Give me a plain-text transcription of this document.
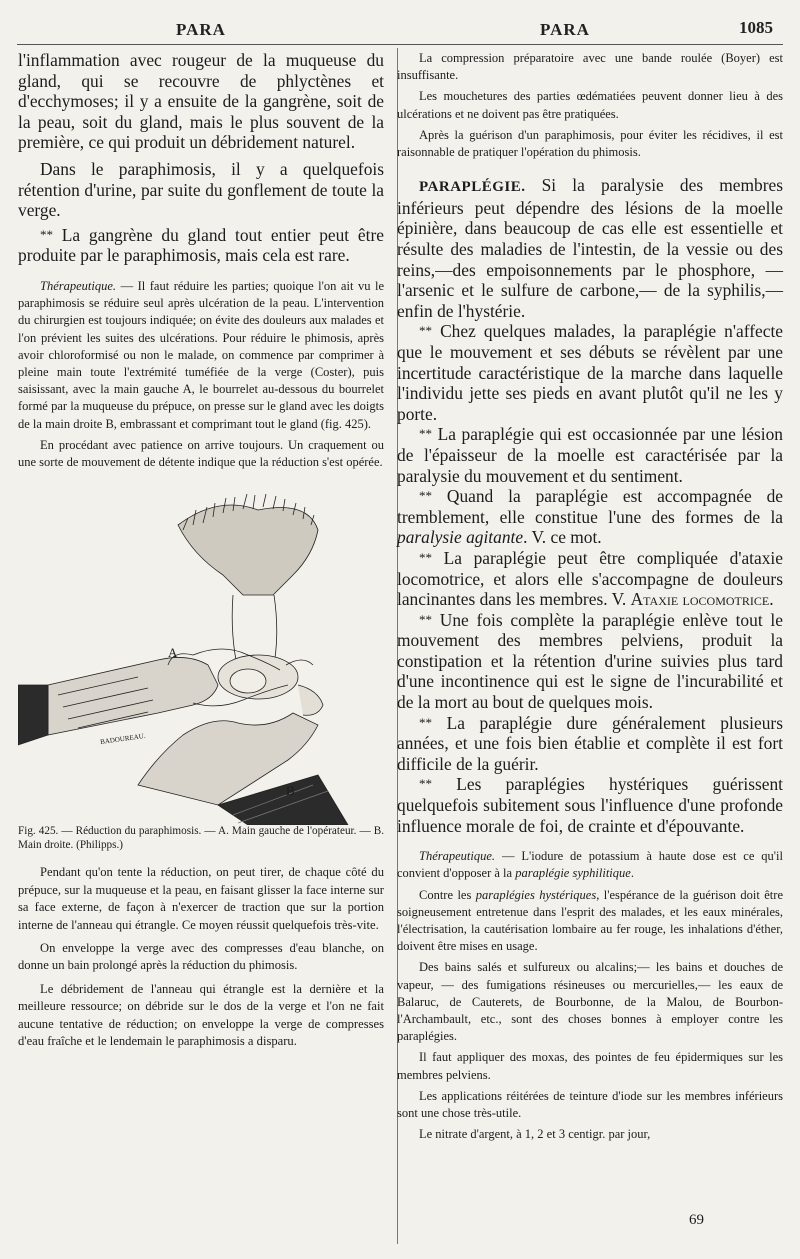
PARA	PARA	1085

l'inflammation avec rougeur de la muqueuse du gland, qui se recouvre de phlyctènes et d'ecchymoses; il y a ensuite de la gangrène, soit de la peau, soit du gland, mais le plus souvent de la première, ce qui produit un débridement naturel.

Dans le paraphimosis, il y a quelquefois rétention d'urine, par suite du gonflement de toute la verge.

** La gangrène du gland tout entier peut être produite par le paraphimosis, mais cela est rare.

Thérapeutique. — Il faut réduire les parties; quoique l'on ait vu le paraphimosis se réduire seul après ulcération de la peau. L'intervention du chirurgien est toujours indiquée; on évite des douleurs aux malades et l'on prévient les suites des ulcérations. Pour réduire le phimosis, après avoir chloroformisé ou non le malade, on commence par comprimer à pleine main toute l'extrémité tuméfiée de la verge (Coster), puis saisissant, avec la main gauche A, le bourrelet au-dessous du bourrelet formé par la muqueuse du prépuce, on presse sur le gland avec les doigts de la main droite B, embrassant et comprimant tout le gland (fig. 425).

En procédant avec patience on arrive toujours. Un craquement ou une sorte de mouvement de détente indique que la réduction s'est opérée.

A
B
BADOUREAU.

Fig. 425. — Réduction du paraphimosis. — A. Main gauche de l'opérateur. — B. Main droite. (Philipps.)

Pendant qu'on tente la réduction, on peut tirer, de chaque côté du prépuce, sur la muqueuse et la peau, en faisant glisser la face interne sur sa face externe, de façon à n'exercer de traction que sur la portion interne de l'anneau qui étrangle. Ce moyen réussit quelquefois très-vite.

On enveloppe la verge avec des compresses d'eau blanche, on donne un bain prolongé après la réduction du phimosis.

Le débridement de l'anneau qui étrangle est la dernière et la meilleure ressource; on débride sur le dos de la verge et l'on ne fait aucune tentative de réduction; on enveloppe la verge de compresses d'eau fraîche et le lendemain le paraphimosis a disparu.

La compression préparatoire avec une bande roulée (Boyer) est insuffisante.

Les mouchetures des parties œdématiées peuvent donner lieu à des ulcérations et ne doivent pas être pratiquées.

Après la guérison d'un paraphimosis, pour éviter les récidives, il est raisonnable de pratiquer l'opération du phimosis.

PARAPLÉGIE. Si la paralysie des membres inférieurs peut dépendre des lésions de la moelle épinière, dans beaucoup de cas elle est essentielle et résulte des maladies de l'intestin, de la vessie ou des reins,—des empoisonnements par le phosphore, — l'arsenic et le sulfure de carbone,— de la syphilis,— enfin de l'hystérie.

** Chez quelques malades, la paraplégie n'affecte que le mouvement et ses débuts se révèlent par une incertitude caractéristique de la marche dans laquelle l'individu jette ses pieds en avant plutôt qu'il ne les y porte.

** La paraplégie qui est occasionnée par une lésion de l'épaisseur de la moelle est caractérisée par la paralysie du mouvement et du sentiment.

** Quand la paraplégie est accompagnée de tremblement, elle constitue l'une des formes de la paralysie agitante. V. ce mot.

** La paraplégie peut être compliquée d'ataxie locomotrice, et alors elle s'accompagne de douleurs lancinantes dans les membres. V. Ataxie locomotrice.

** Une fois complète la paraplégie enlève tout le mouvement des membres pelviens, produit la constipation et la rétention d'urine suivies plus tard d'une incontinence qui est le signe de l'incurabilité et de la mort au bout de quelques mois.

** La paraplégie dure généralement plusieurs années, et une fois bien établie et complète il est fort difficile de la guérir.

** Les paraplégies hystériques guérissent quelquefois subitement sous l'influence d'une profonde influence morale de foi, de crainte et d'épouvante.

Thérapeutique. — L'iodure de potassium à haute dose est ce qu'il convient d'opposer à la paraplégie syphilitique.

Contre les paraplégies hystériques, l'espérance de la guérison doit être soigneusement entretenue dans l'esprit des malades, et les eaux minérales, l'électrisation, la cautérisation lombaire au fer rouge, les inhalations d'éther, doivent être mises en usage.

Des bains salés et sulfureux ou alcalins;— les bains et douches de vapeur, — des fumigations résineuses ou mercurielles,— les eaux de Balaruc, de Cauterets, de Bourbonne, de la Malou, de Bourbon-l'Archambault, etc., sont des choses bonnes à employer contre les paraplégies.

Il faut appliquer des moxas, des pointes de feu épidermiques sur les membres pelviens.

Les applications réitérées de teinture d'iode sur les membres inférieurs sont une chose très-utile.

Le nitrate d'argent, à 1, 2 et 3 centigr. par jour,

69
